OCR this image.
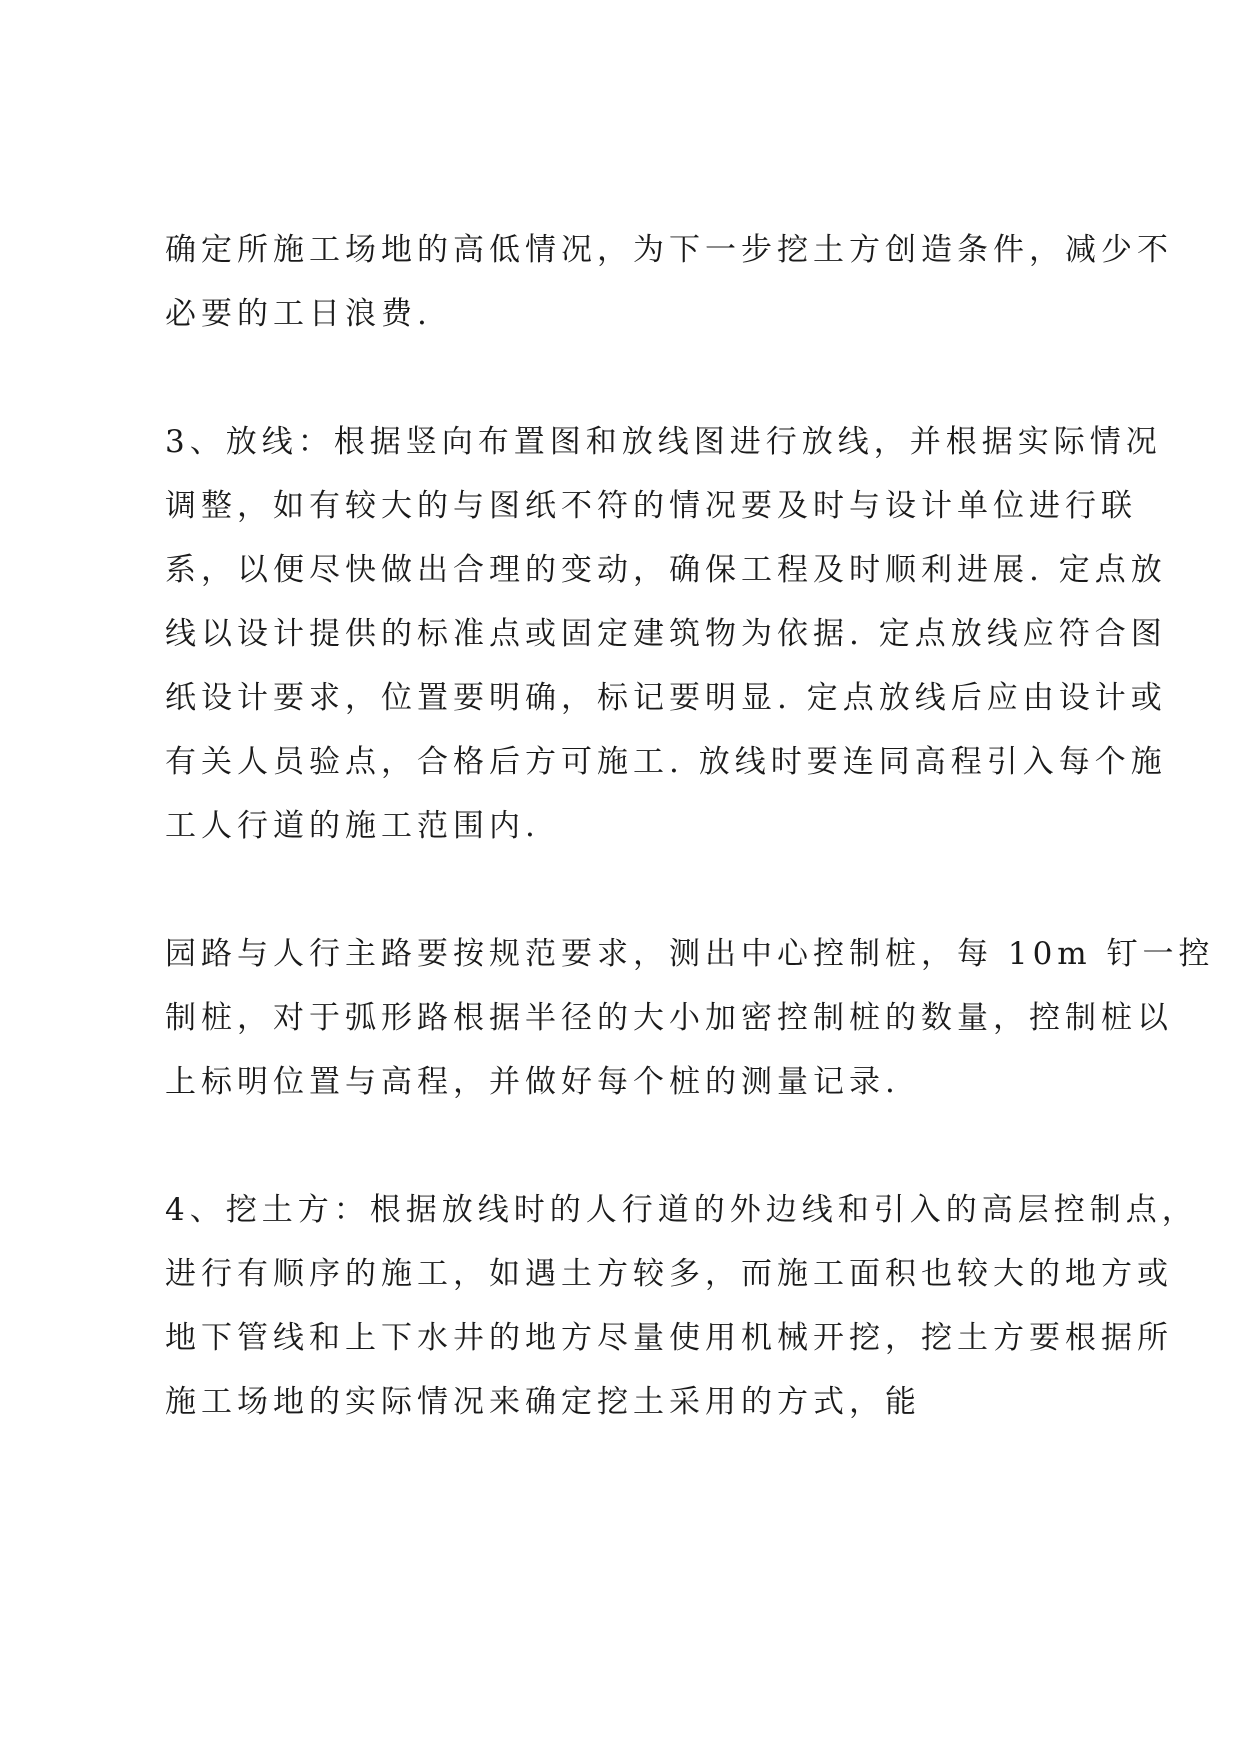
确定所施工场地的高低情况，为下一步挖土方创造条件，减少不
必要的工日浪费.
3、放线：根据竖向布置图和放线图进行放线，并根据实际情况
调整，如有较大的与图纸不符的情况要及时与设计单位进行联
系，以便尽快做出合理的变动，确保工程及时顺利进展. 定点放
线以设计提供的标准点或固定建筑物为依据. 定点放线应符合图
纸设计要求，位置要明确，标记要明显. 定点放线后应由设计或
有关人员验点，合格后方可施工. 放线时要连同高程引入每个施
工人行道的施工范围内.
园路与人行主路要按规范要求，测出中心控制桩，每 10m 钉一控
制桩，对于弧形路根据半径的大小加密控制桩的数量，控制桩以
上标明位置与高程，并做好每个桩的测量记录.
4、挖土方：根据放线时的人行道的外边线和引入的高层控制点，
进行有顺序的施工，如遇土方较多，而施工面积也较大的地方或
地下管线和上下水井的地方尽量使用机械开挖，挖土方要根据所
施工场地的实际情况来确定挖土采用的方式，能
